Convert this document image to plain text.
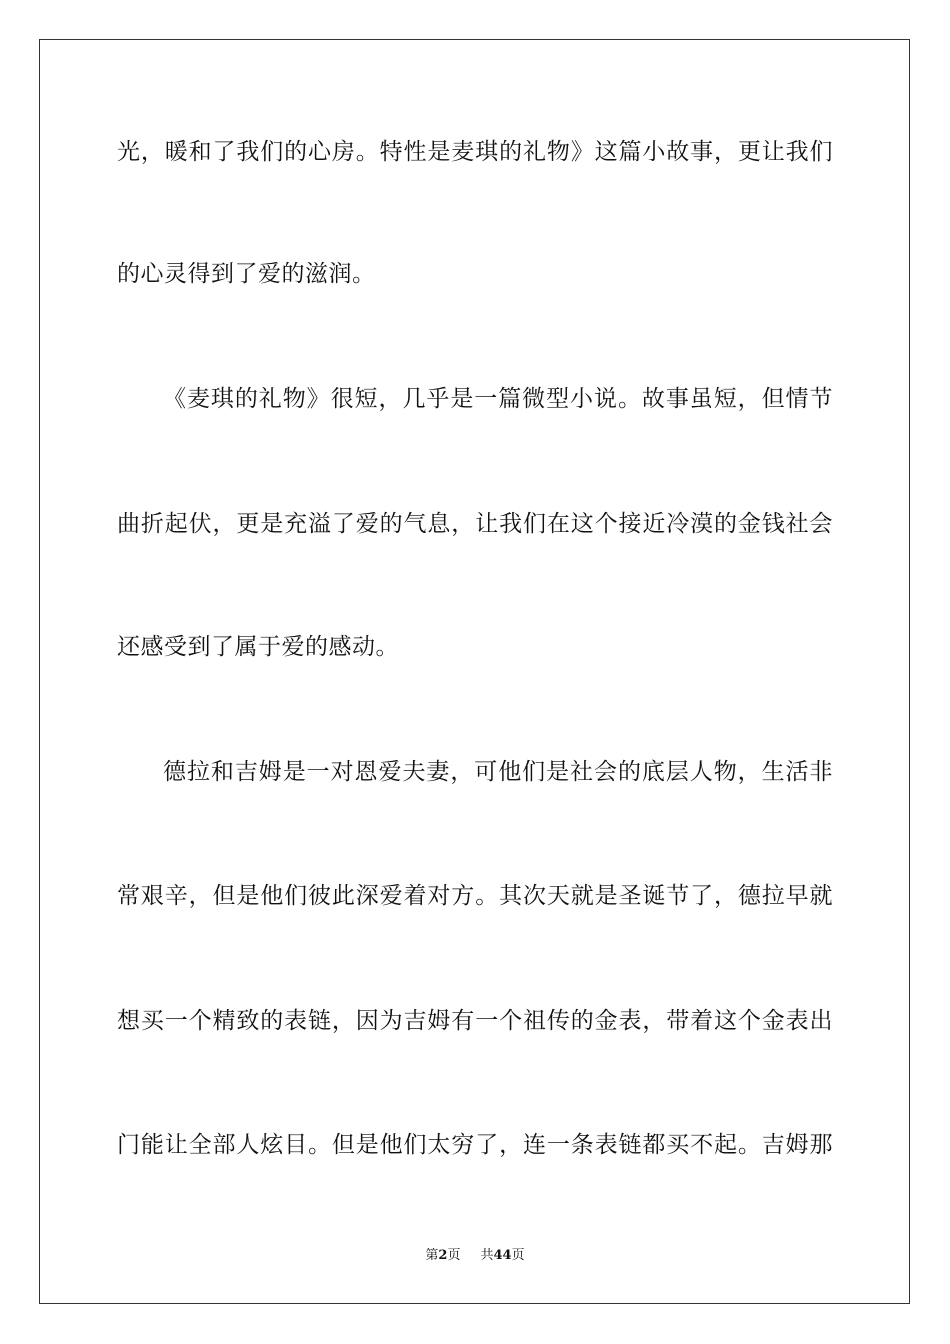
光，暖和了我们的心房。特性是麦琪的礼物》这篇小故事，更让我们
的心灵得到了爱的滋润。
《麦琪的礼物》很短，几乎是一篇微型小说。故事虽短，但情节
曲折起伏，更是充溢了爱的气息，让我们在这个接近冷漠的金钱社会
还感受到了属于爱的感动。
德拉和吉姆是一对恩爱夫妻，可他们是社会的底层人物，生活非
常艰辛，但是他们彼此深爱着对方。其次天就是圣诞节了，德拉早就
想买一个精致的表链，因为吉姆有一个祖传的金表，带着这个金表出
门能让全部人炫目。但是他们太穷了，连一条表链都买不起。吉姆那
第2页 共44页
